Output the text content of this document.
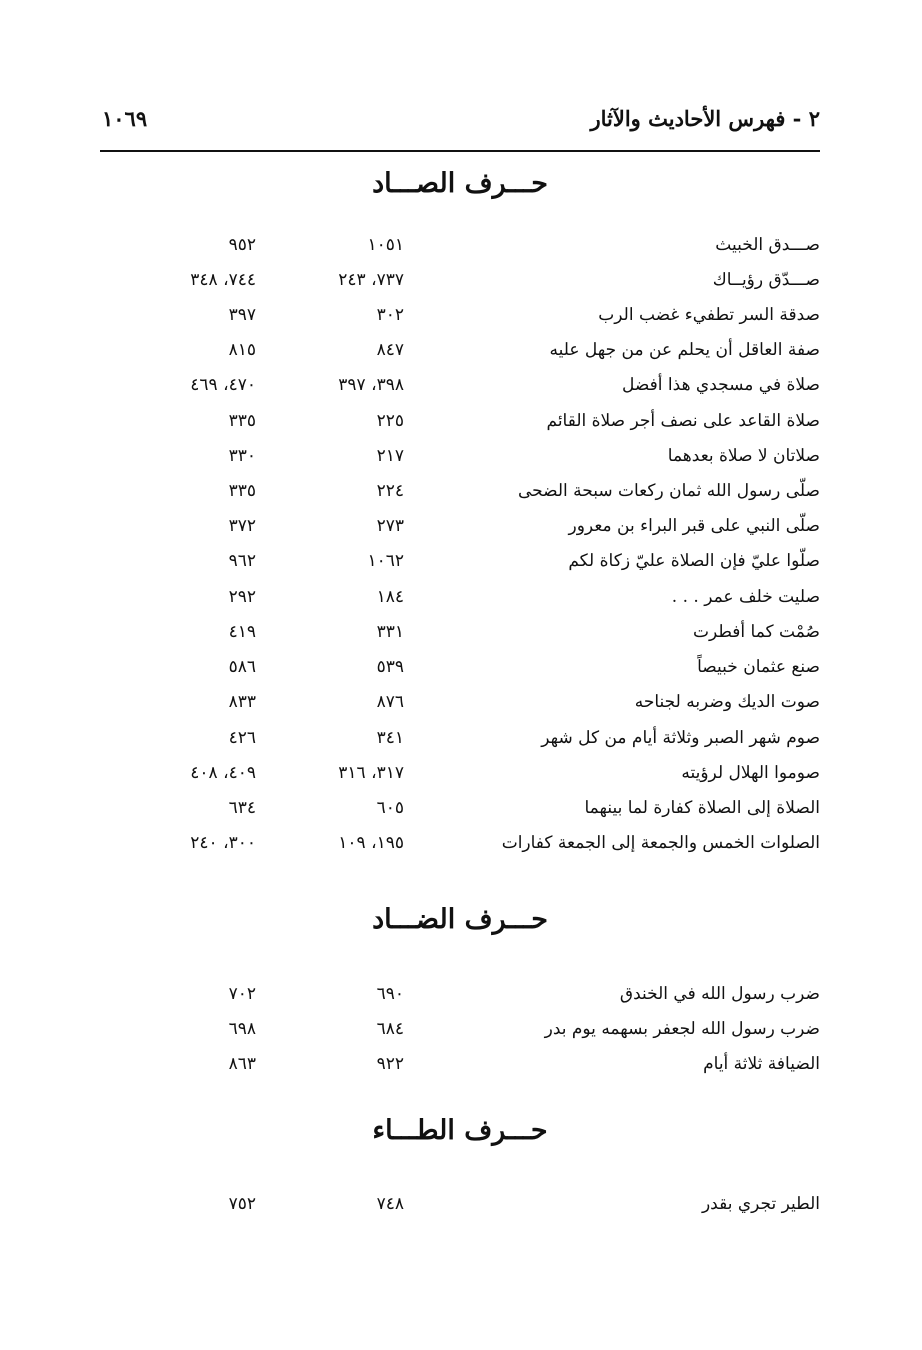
٢ - فهرس الأحاديث والآثار
١٠٦٩
حـــرف الصـــاد
صـــدق الخبيث
١٠٥١
٩٥٢
صـــدّق رؤيــاك
٧٣٧، ٢٤٣
٧٤٤، ٣٤٨
صدقة السر تطفيء غضب الرب
٣٠٢
٣٩٧
صفة العاقل أن يحلم عن من جهل عليه
٨٤٧
٨١٥
صلاة في مسجدي هذا أفضل
٣٩٨، ٣٩٧
٤٧٠، ٤٦٩
صلاة القاعد على نصف أجر صلاة القائم
٢٢٥
٣٣٥
صلاتان لا صلاة بعدهما
٢١٧
٣٣٠
صلّى رسول الله ثمان ركعات سبحة الضحى
٢٢٤
٣٣٥
صلّى النبي على قبر البراء بن معرور
٢٧٣
٣٧٢
صلّوا عليّ فإن الصلاة عليّ زكاة لكم
١٠٦٢
٩٦٢
صليت خلف عمر . . .
١٨٤
٢٩٢
صُمْت كما أفطرت
٣٣١
٤١٩
صنع عثمان خبيصاً
٥٣٩
٥٨٦
صوت الديك وضربه لجناحه
٨٧٦
٨٣٣
صوم شهر الصبر وثلاثة أيام من كل شهر
٣٤١
٤٢٦
صوموا الهلال لرؤيته
٣١٧، ٣١٦
٤٠٩، ٤٠٨
الصلاة إلى الصلاة كفارة لما بينهما
٦٠٥
٦٣٤
الصلوات الخمس والجمعة إلى الجمعة كفارات
١٩٥، ١٠٩
٣٠٠، ٢٤٠
حـــرف الضـــاد
ضرب رسول الله في الخندق
٦٩٠
٧٠٢
ضرب رسول الله لجعفر بسهمه يوم بدر
٦٨٤
٦٩٨
الضيافة ثلاثة أيام
٩٢٢
٨٦٣
حـــرف الطـــاء
الطير تجري بقدر
٧٤٨
٧٥٢
